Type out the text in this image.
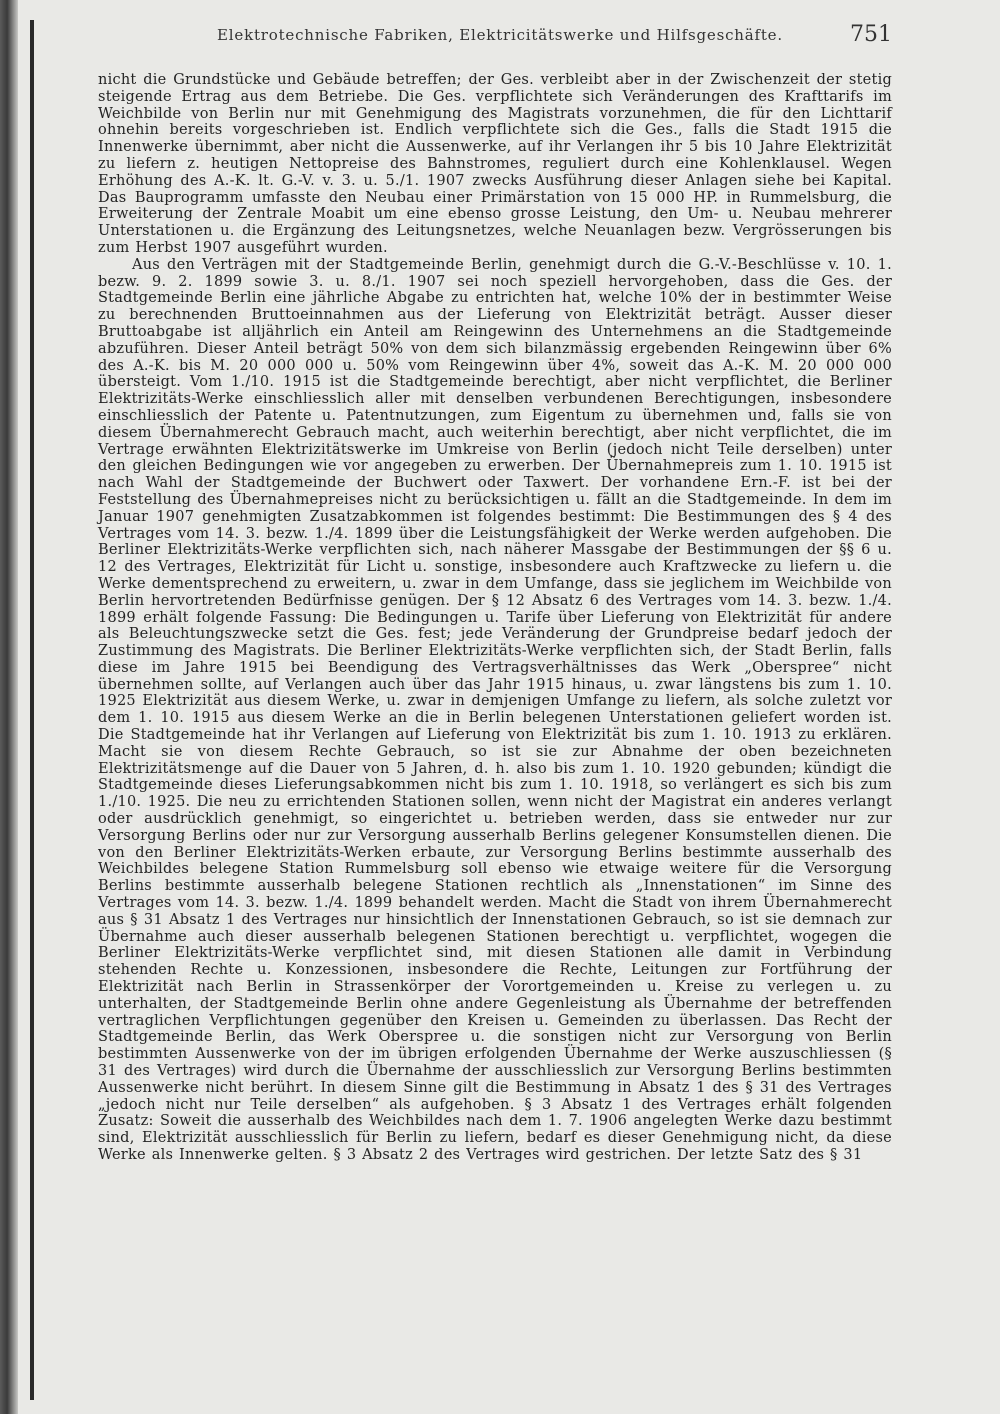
Elektrotechnische Fabriken, Elektricitätswerke und Hilfsgeschäfte.	751

nicht die Grundstücke und Gebäude betreffen; der Ges. verbleibt aber in der Zwischenzeit der stetig steigende Ertrag aus dem Betriebe. Die Ges. verpflichtete sich Veränderungen des Krafttarifs im Weichbilde von Berlin nur mit Genehmigung des Magistrats vorzunehmen, die für den Lichttarif ohnehin bereits vorgeschrieben ist. Endlich verpflichtete sich die Ges., falls die Stadt 1915 die Innenwerke übernimmt, aber nicht die Aussenwerke, auf ihr Verlangen ihr 5 bis 10 Jahre Elektrizität zu liefern z. heutigen Nettopreise des Bahnstromes, reguliert durch eine Kohlenklausel. Wegen Erhöhung des A.-K. lt. G.-V. v. 3. u. 5./1. 1907 zwecks Ausführung dieser Anlagen siehe bei Kapital. Das Bauprogramm umfasste den Neubau einer Primärstation von 15 000 HP. in Rummelsburg, die Erweiterung der Zentrale Moabit um eine ebenso grosse Leistung, den Um- u. Neubau mehrerer Unterstationen u. die Ergänzung des Leitungsnetzes, welche Neuanlagen bezw. Vergrösserungen bis zum Herbst 1907 ausgeführt wurden.

Aus den Verträgen mit der Stadtgemeinde Berlin, genehmigt durch die G.-V.-Beschlüsse v. 10. 1. bezw. 9. 2. 1899 sowie 3. u. 8./1. 1907 sei noch speziell hervorgehoben, dass die Ges. der Stadtgemeinde Berlin eine jährliche Abgabe zu entrichten hat, welche 10% der in bestimmter Weise zu berechnenden Bruttoeinnahmen aus der Lieferung von Elektrizität beträgt. Ausser dieser Bruttoabgabe ist alljährlich ein Anteil am Reingewinn des Unternehmens an die Stadtgemeinde abzuführen. Dieser Anteil beträgt 50% von dem sich bilanzmässig ergebenden Reingewinn über 6% des A.-K. bis M. 20 000 000 u. 50% vom Reingewinn über 4%, soweit das A.-K. M. 20 000 000 übersteigt. Vom 1./10. 1915 ist die Stadtgemeinde berechtigt, aber nicht verpflichtet, die Berliner Elektrizitäts-Werke einschliesslich aller mit denselben verbundenen Berechtigungen, insbesondere einschliesslich der Patente u. Patentnutzungen, zum Eigentum zu übernehmen und, falls sie von diesem Übernahmerecht Gebrauch macht, auch weiterhin berechtigt, aber nicht verpflichtet, die im Vertrage erwähnten Elektrizitätswerke im Umkreise von Berlin (jedoch nicht Teile derselben) unter den gleichen Bedingungen wie vor angegeben zu erwerben. Der Übernahmepreis zum 1. 10. 1915 ist nach Wahl der Stadtgemeinde der Buchwert oder Taxwert. Der vorhandene Ern.-F. ist bei der Feststellung des Übernahmepreises nicht zu berücksichtigen u. fällt an die Stadtgemeinde. In dem im Januar 1907 genehmigten Zusatzabkommen ist folgendes bestimmt: Die Bestimmungen des § 4 des Vertrages vom 14. 3. bezw. 1./4. 1899 über die Leistungsfähigkeit der Werke werden aufgehoben. Die Berliner Elektrizitäts-Werke verpflichten sich, nach näherer Massgabe der Bestimmungen der §§ 6 u. 12 des Vertrages, Elektrizität für Licht u. sonstige, insbesondere auch Kraftzwecke zu liefern u. die Werke dementsprechend zu erweitern, u. zwar in dem Umfange, dass sie jeglichem im Weichbilde von Berlin hervortretenden Bedürfnisse genügen. Der § 12 Absatz 6 des Vertrages vom 14. 3. bezw. 1./4. 1899 erhält folgende Fassung: Die Bedingungen u. Tarife über Lieferung von Elektrizität für andere als Beleuchtungszwecke setzt die Ges. fest; jede Veränderung der Grundpreise bedarf jedoch der Zustimmung des Magistrats. Die Berliner Elektrizitäts-Werke verpflichten sich, der Stadt Berlin, falls diese im Jahre 1915 bei Beendigung des Vertragsverhältnisses das Werk „Oberspree“ nicht übernehmen sollte, auf Verlangen auch über das Jahr 1915 hinaus, u. zwar längstens bis zum 1. 10. 1925 Elektrizität aus diesem Werke, u. zwar in demjenigen Umfange zu liefern, als solche zuletzt vor dem 1. 10. 1915 aus diesem Werke an die in Berlin belegenen Unterstationen geliefert worden ist. Die Stadtgemeinde hat ihr Verlangen auf Lieferung von Elektrizität bis zum 1. 10. 1913 zu erklären. Macht sie von diesem Rechte Gebrauch, so ist sie zur Abnahme der oben bezeichneten Elektrizitätsmenge auf die Dauer von 5 Jahren, d. h. also bis zum 1. 10. 1920 gebunden; kündigt die Stadtgemeinde dieses Lieferungsabkommen nicht bis zum 1. 10. 1918, so verlängert es sich bis zum 1./10. 1925. Die neu zu errichtenden Stationen sollen, wenn nicht der Magistrat ein anderes verlangt oder ausdrücklich genehmigt, so eingerichtet u. betrieben werden, dass sie entweder nur zur Versorgung Berlins oder nur zur Versorgung ausserhalb Berlins gelegener Konsumstellen dienen. Die von den Berliner Elektrizitäts-Werken erbaute, zur Versorgung Berlins bestimmte ausserhalb des Weichbildes belegene Station Rummelsburg soll ebenso wie etwaige weitere für die Versorgung Berlins bestimmte ausserhalb belegene Stationen rechtlich als „Innenstationen“ im Sinne des Vertrages vom 14. 3. bezw. 1./4. 1899 behandelt werden. Macht die Stadt von ihrem Übernahmerecht aus § 31 Absatz 1 des Vertrages nur hinsichtlich der Innenstationen Gebrauch, so ist sie demnach zur Übernahme auch dieser ausserhalb belegenen Stationen berechtigt u. verpflichtet, wogegen die Berliner Elektrizitäts-Werke verpflichtet sind, mit diesen Stationen alle damit in Verbindung stehenden Rechte u. Konzessionen, insbesondere die Rechte, Leitungen zur Fortführung der Elektrizität nach Berlin in Strassenkörper der Vorortgemeinden u. Kreise zu verlegen u. zu unterhalten, der Stadtgemeinde Berlin ohne andere Gegenleistung als Übernahme der betreffenden vertraglichen Verpflichtungen gegenüber den Kreisen u. Gemeinden zu überlassen. Das Recht der Stadtgemeinde Berlin, das Werk Oberspree u. die sonstigen nicht zur Versorgung von Berlin bestimmten Aussenwerke von der im übrigen erfolgenden Übernahme der Werke auszuschliessen (§ 31 des Vertrages) wird durch die Übernahme der ausschliesslich zur Versorgung Berlins bestimmten Aussenwerke nicht berührt. In diesem Sinne gilt die Bestimmung in Absatz 1 des § 31 des Vertrages „jedoch nicht nur Teile derselben“ als aufgehoben. § 3 Absatz 1 des Vertrages erhält folgenden Zusatz: Soweit die ausserhalb des Weichbildes nach dem 1. 7. 1906 angelegten Werke dazu bestimmt sind, Elektrizität ausschliesslich für Berlin zu liefern, bedarf es dieser Genehmigung nicht, da diese Werke als Innenwerke gelten. § 3 Absatz 2 des Vertrages wird gestrichen. Der letzte Satz des § 31
